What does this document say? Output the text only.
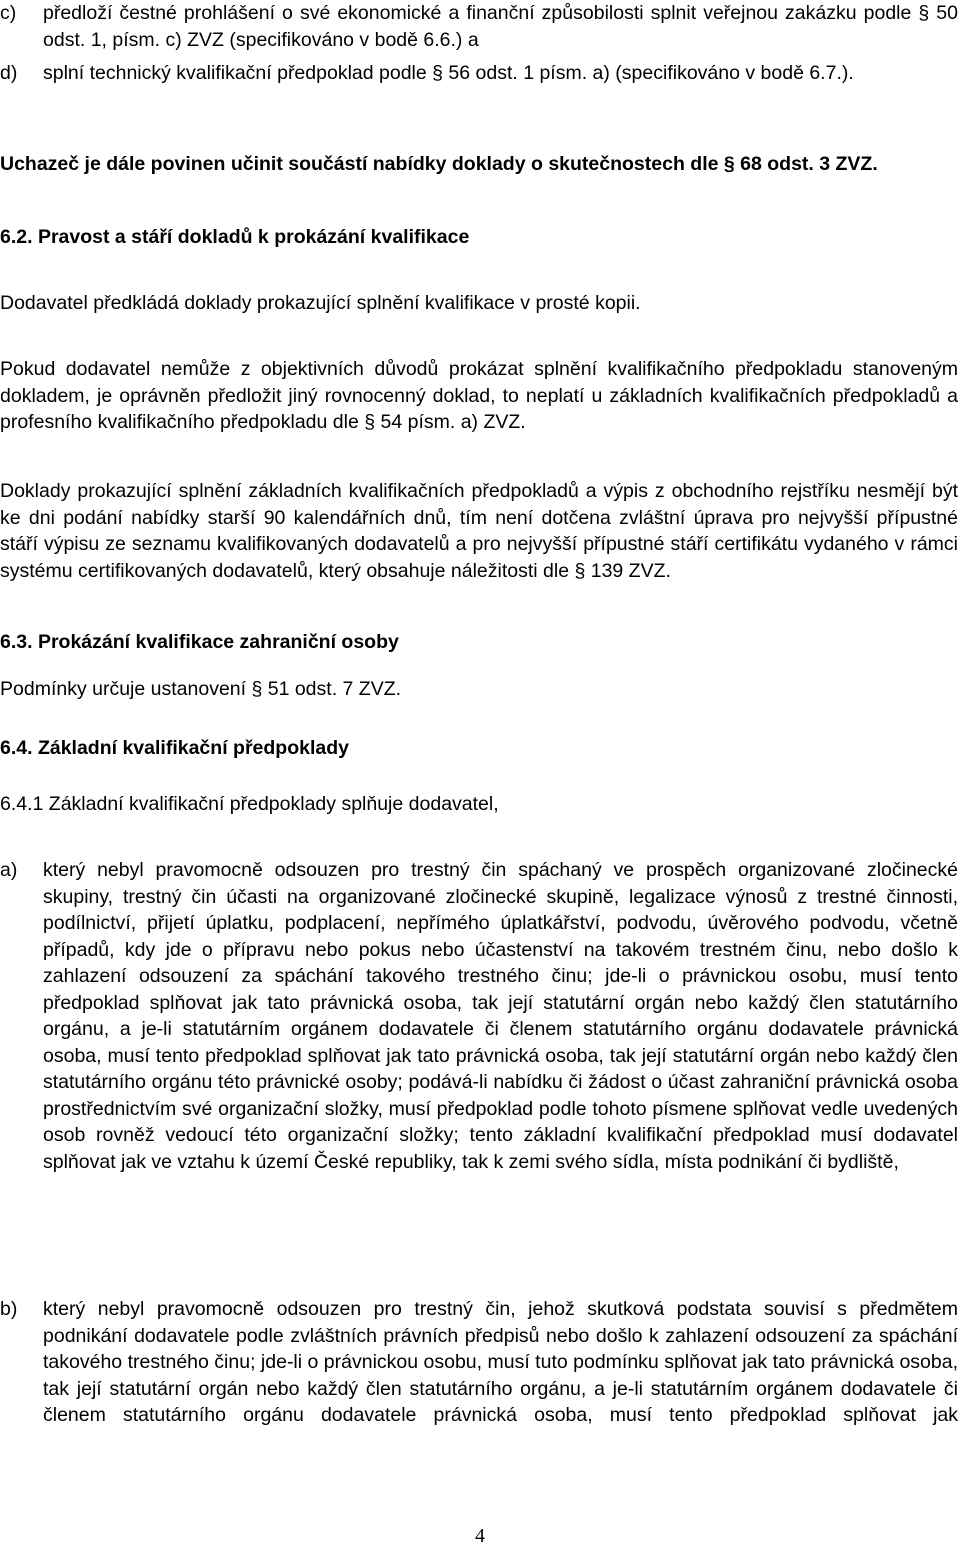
c)	předloží čestné prohlášení o své ekonomické a finanční způsobilosti splnit veřejnou zakázku podle § 50 odst. 1, písm. c) ZVZ (specifikováno v bodě 6.6.) a
d)	splní technický kvalifikační předpoklad podle § 56 odst. 1 písm. a) (specifikováno v bodě 6.7.).
Uchazeč je dále povinen učinit součástí nabídky doklady o skutečnostech dle § 68 odst. 3 ZVZ.
6.2. Pravost a stáří dokladů k prokázání kvalifikace
Dodavatel předkládá doklady prokazující splnění kvalifikace v prosté kopii.
Pokud dodavatel nemůže z objektivních důvodů prokázat splnění kvalifikačního předpokladu stanoveným dokladem, je oprávněn předložit jiný rovnocenný doklad, to neplatí u základních kvalifikačních předpokladů a profesního kvalifikačního předpokladu dle § 54 písm. a) ZVZ.
Doklady prokazující splnění základních kvalifikačních předpokladů a výpis z obchodního rejstříku nesmějí být ke dni podání nabídky starší 90 kalendářních dnů, tím není dotčena zvláštní úprava pro nejvyšší přípustné stáří výpisu ze seznamu kvalifikovaných dodavatelů a pro nejvyšší přípustné stáří certifikátu vydaného v rámci systému certifikovaných dodavatelů, který obsahuje náležitosti dle § 139 ZVZ.
6.3. Prokázání kvalifikace zahraniční osoby
Podmínky určuje ustanovení § 51 odst. 7 ZVZ.
6.4. Základní kvalifikační předpoklady
6.4.1 Základní kvalifikační předpoklady splňuje dodavatel,
a)	který nebyl pravomocně odsouzen pro trestný čin spáchaný ve prospěch organizované zločinecké skupiny, trestný čin účasti na organizované zločinecké skupině, legalizace výnosů z trestné činnosti, podílnictví, přijetí úplatku, podplacení, nepřímého úplatkářství, podvodu, úvěrového podvodu, včetně případů, kdy jde o přípravu nebo pokus nebo účastenství na takovém trestném činu, nebo došlo k zahlazení odsouzení za spáchání takového trestného činu; jde-li o právnickou osobu, musí tento předpoklad splňovat jak tato právnická osoba, tak její statutární orgán nebo každý člen statutárního orgánu, a je-li statutárním orgánem dodavatele či členem statutárního orgánu dodavatele právnická osoba, musí tento předpoklad splňovat jak tato právnická osoba, tak její statutární orgán nebo každý člen statutárního orgánu této právnické osoby; podává-li nabídku či žádost o účast zahraniční právnická osoba prostřednictvím své organizační složky, musí předpoklad podle tohoto písmene splňovat vedle uvedených osob rovněž vedoucí této organizační složky; tento základní kvalifikační předpoklad musí dodavatel splňovat jak ve vztahu k území České republiky, tak k zemi svého sídla, místa podnikání či bydliště,
b)	který nebyl pravomocně odsouzen pro trestný čin, jehož skutková podstata souvisí s předmětem podnikání dodavatele podle zvláštních právních předpisů nebo došlo k zahlazení odsouzení za spáchání takového trestného činu; jde-li o právnickou osobu, musí tuto podmínku splňovat jak tato právnická osoba, tak její statutární orgán nebo každý člen statutárního orgánu, a je-li statutárním orgánem dodavatele či členem statutárního orgánu dodavatele právnická osoba, musí tento předpoklad splňovat jak
4
